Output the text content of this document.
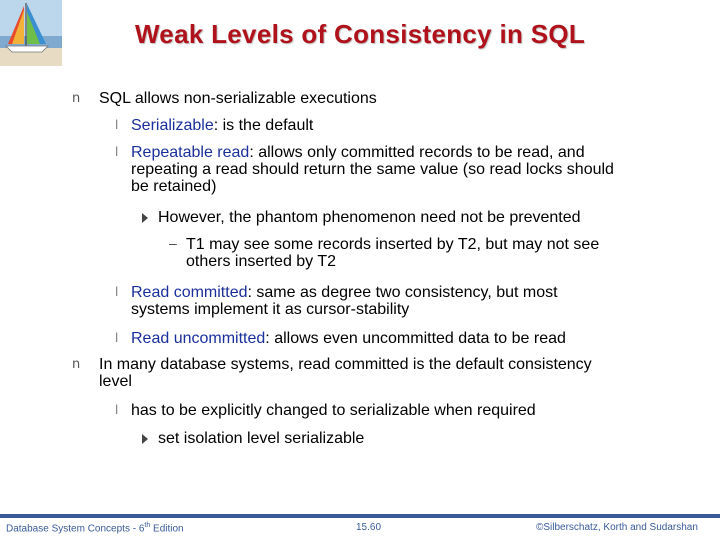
Weak Levels of Consistency in SQL
n SQL allows non-serializable executions
l Serializable: is the default
l Repeatable read: allows only committed records to be read, and
repeating a read should return the same value (so read locks should
be retained)
However, the phantom phenomenon need not be prevented
– T1 may see some records inserted by T2, but may not see
others inserted by T2
l Read committed: same as degree two consistency, but most
systems implement it as cursor-stability
l Read uncommitted: allows even uncommitted data to be read
n In many database systems, read committed is the default consistency
level
l has to be explicitly changed to serializable when required
set isolation level serializable
Database System Concepts - 6th Edition	15.60	©Silberschatz, Korth and Sudarshan
